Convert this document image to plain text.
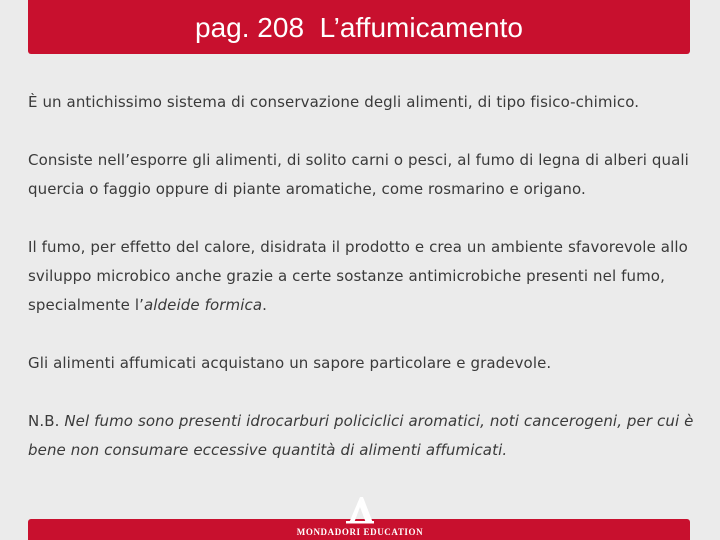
pag. 208  L’affumicamento

È un antichissimo sistema di conservazione degli alimenti, di tipo fisico-chimico.

Consiste nell’esporre gli alimenti, di solito carni o pesci, al fumo di legna di alberi quali quercia o faggio oppure di piante aromatiche, come rosmarino e origano.

Il fumo, per effetto del calore, disidrata il prodotto e crea un ambiente sfavorevole allo sviluppo microbico anche grazie a certe sostanze antimicrobiche presenti nel fumo, specialmente l’aldeide formica.

Gli alimenti affumicati acquistano un sapore particolare e gradevole.

N.B. Nel fumo sono presenti idrocarburi policiclici aromatici, noti cancerogeni, per cui è bene non consumare eccessive quantità di alimenti affumicati.

MONDADORI EDUCATION
